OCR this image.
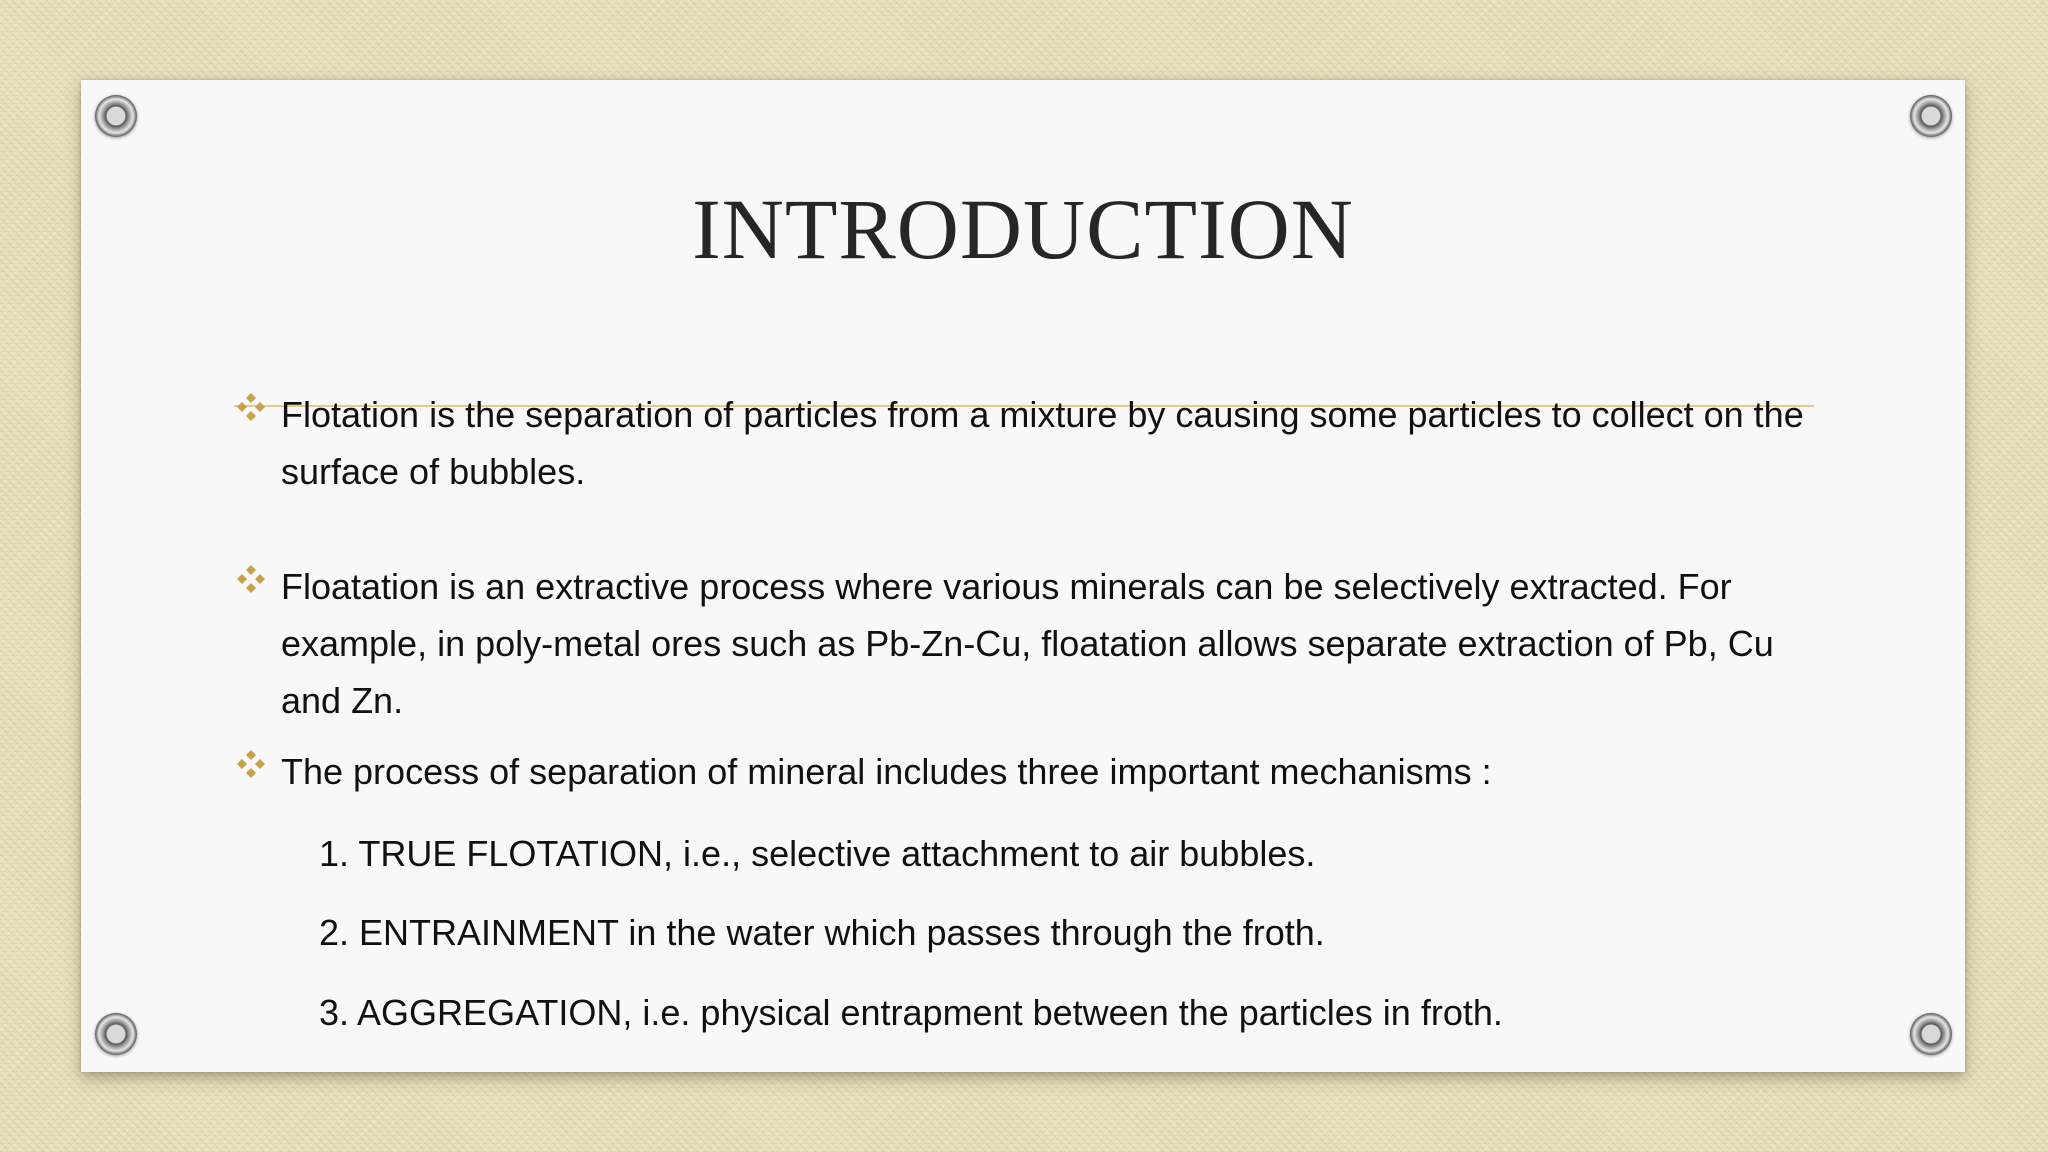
INTRODUCTION
Flotation is the separation of particles from a mixture by causing some particles to collect on the surface of bubbles.
Floatation is an extractive process where various minerals can be selectively extracted. For example, in poly-metal ores such as Pb-Zn-Cu, floatation allows separate extraction of Pb, Cu and Zn.
The process of separation of mineral includes three important mechanisms :
1. TRUE FLOTATION, i.e., selective attachment to air bubbles.
2. ENTRAINMENT in the water which passes through the froth.
3. AGGREGATION, i.e. physical entrapment between the particles in froth.
